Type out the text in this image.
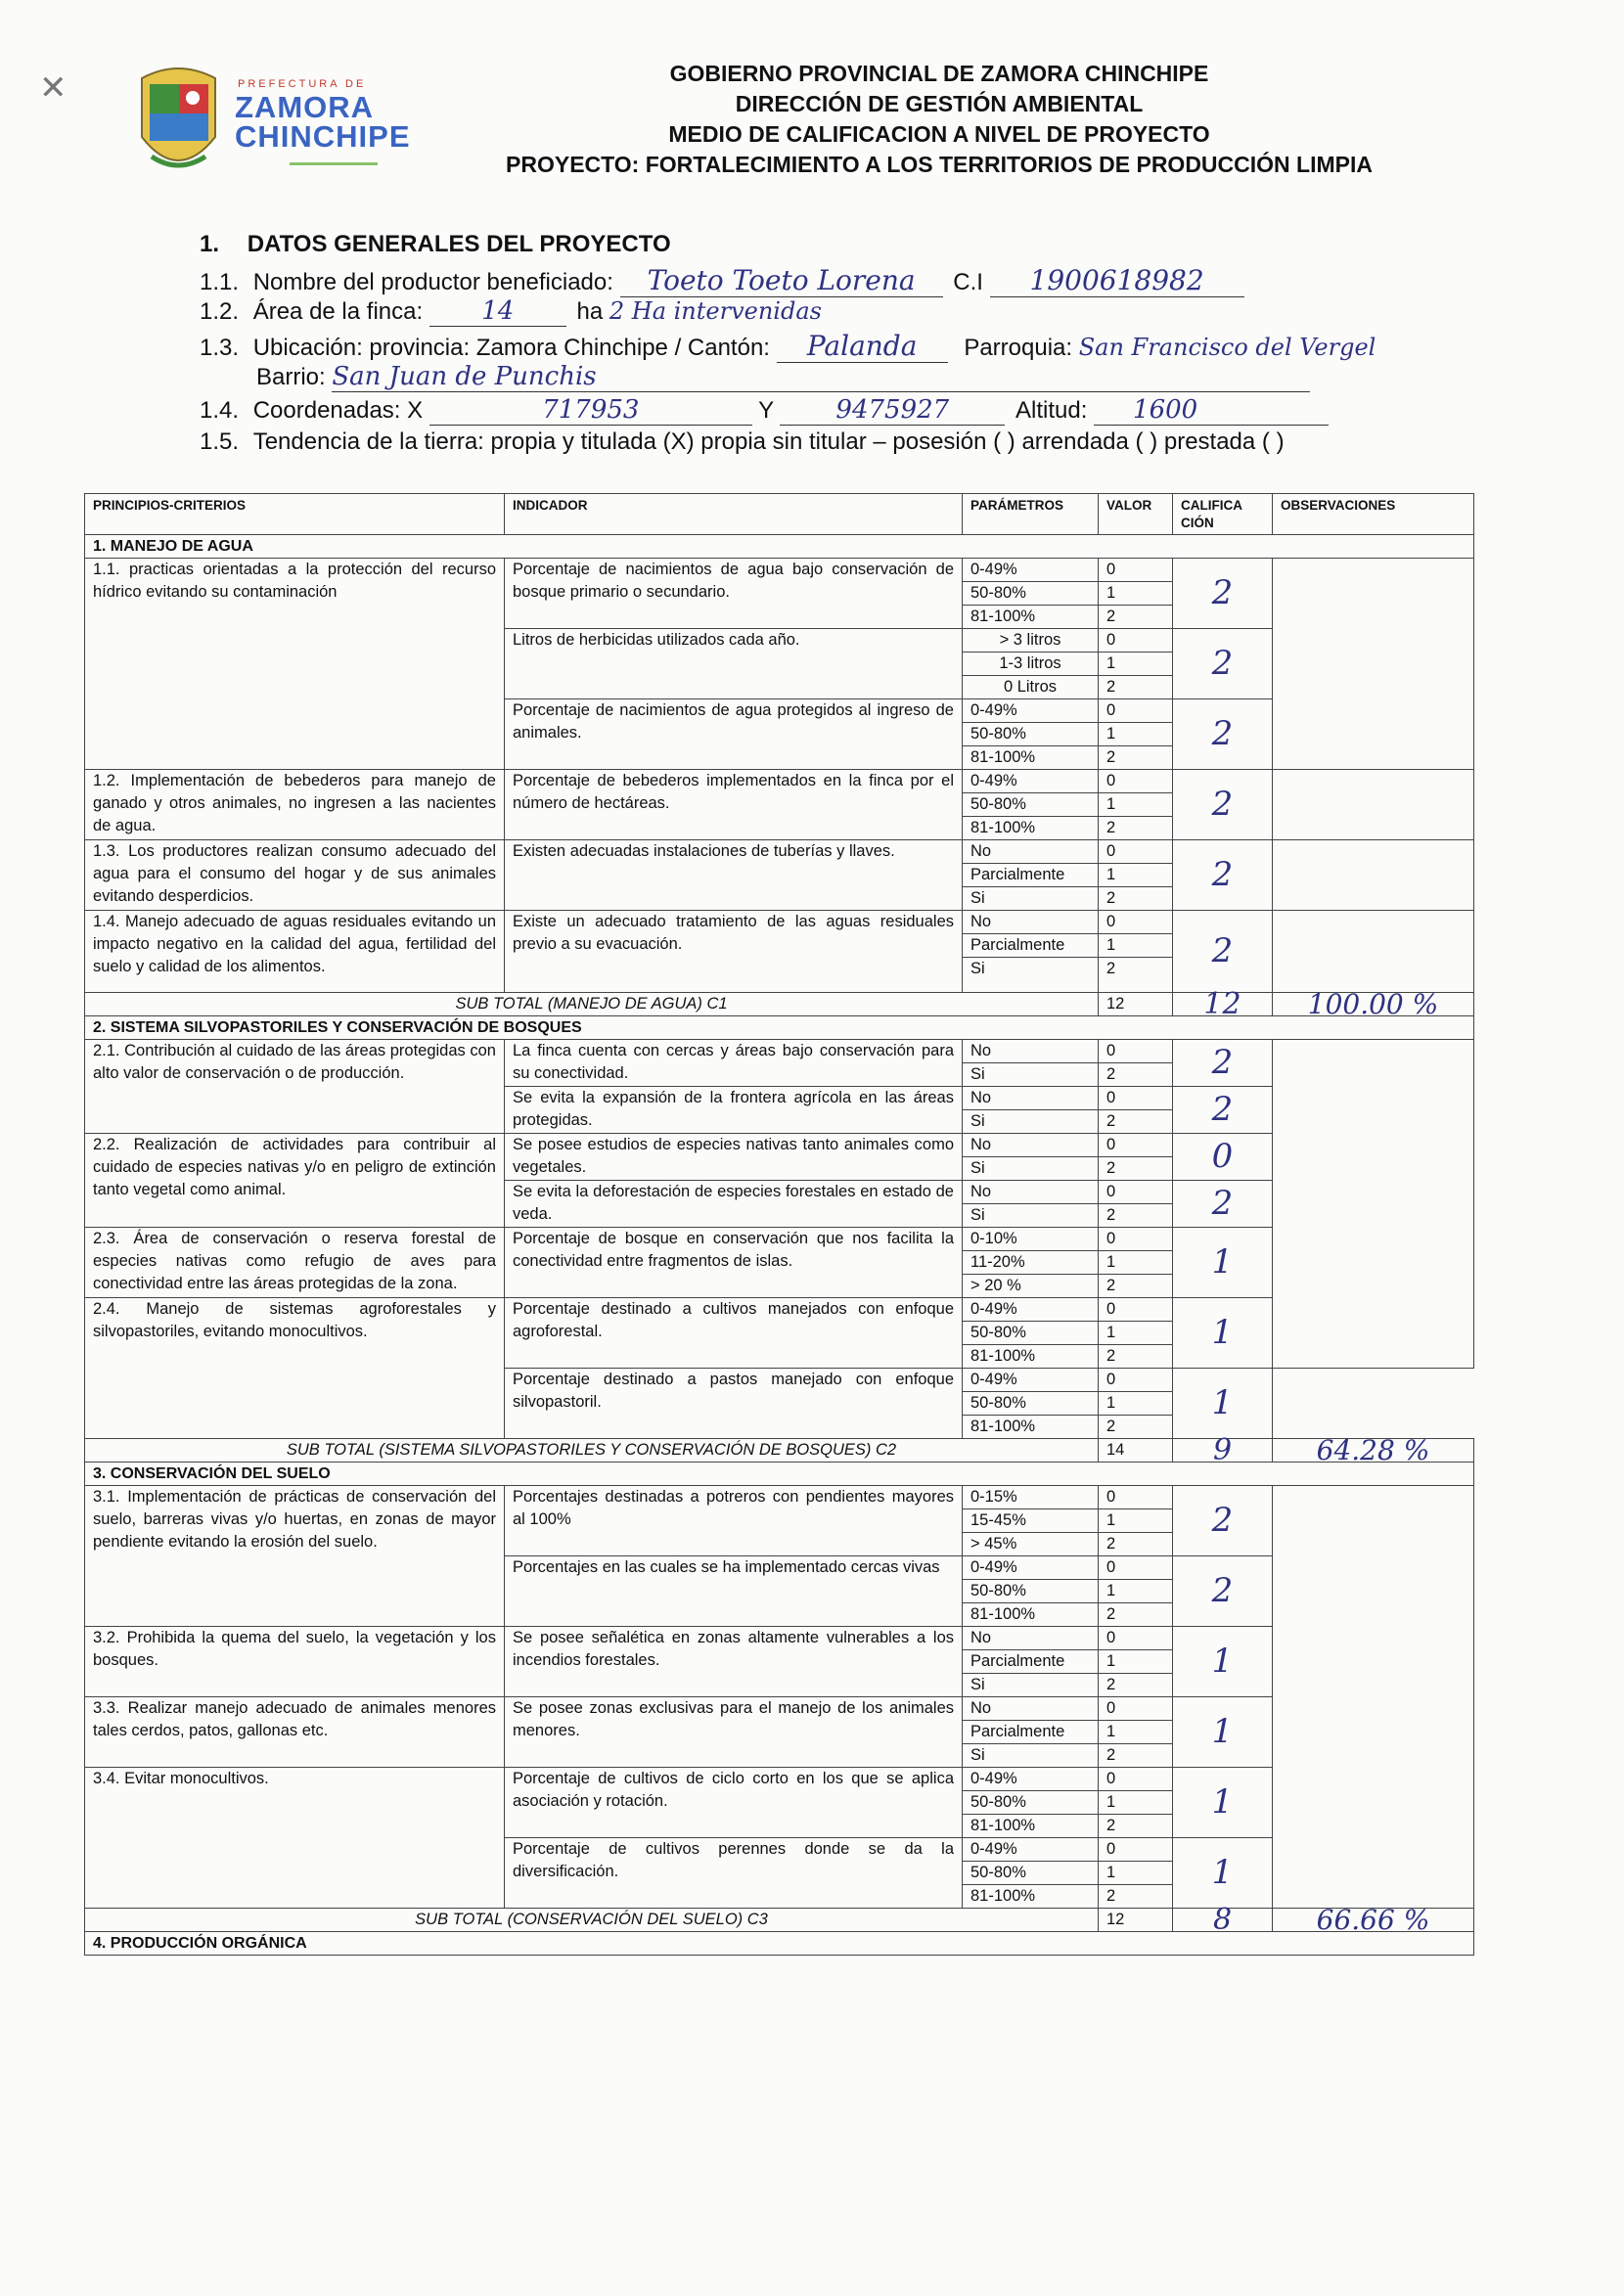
✕	PREFECTURA DE
ZAMORA
CHINCHIPE
GOBIERNO PROVINCIAL DE ZAMORA CHINCHIPE
DIRECCIÓN DE GESTIÓN AMBIENTAL
MEDIO DE CALIFICACION A NIVEL DE PROYECTO
PROYECTO: FORTALECIMIENTO A LOS TERRITORIOS DE PRODUCCIÓN LIMPIA
1. DATOS GENERALES DEL PROYECTO
1.1. Nombre del productor beneficiado: Toeto Toeto Lorena C.I 1900618982
1.2. Área de la finca: 14	ha 2 Ha intervenidas
1.3. Ubicación: provincia: Zamora Chinchipe / Cantón: Palanda Parroquia: San Francisco del Vergel
Barrio: San Juan de Punchis
1.4. Coordenadas: X	717953	Y 9475927	Altitud: 1600
1.5. Tendencia de la tierra: propia y titulada (X) propia sin titular – posesión ( ) arrendada ( ) prestada ( )
PRINCIPIOS-CRITERIOS	INDICADOR	PARÁMETROS	VALOR	CALIFICA CIÓN	OBSERVACIONES
1. MANEJO DE AGUA					
1.1. practicas orientadas a la protección del recurso hídrico evitando su contaminación	Porcentaje de nacimientos de agua bajo conservación de bosque primario o secundario.	0-49%	0	2	
		50-80%	1		
		81-100%	2		
	Litros de herbicidas utilizados cada año.	> 3 litros	0	2	
		1-3 litros	1		
		0 Litros	2		
	Porcentaje de nacimientos de agua protegidos al ingreso de animales.	0-49%	0	2	
		50-80%	1		
		81-100%	2		
1.2. Implementación de bebederos para manejo de ganado y otros animales, no ingresen a las nacientes de agua.	Porcentaje de bebederos implementados en la finca por el número de hectáreas.	0-49%	0	2	
		50-80%	1		
		81-100%	2		
1.3. Los productores realizan consumo adecuado del agua para el consumo del hogar y de sus animales evitando desperdicios.	Existen adecuadas instalaciones de tuberías y llaves.	No	0	2	
		Parcialmente	1		
		Si	2		
1.4. Manejo adecuado de aguas residuales evitando un impacto negativo en la calidad del agua, fertilidad del suelo y calidad de los alimentos.	Existe un adecuado tratamiento de las aguas residuales previo a su evacuación.	No	0	2	
		Parcialmente	1		
		Si	2		
SUB TOTAL (MANEJO DE AGUA) C1			12	12	100.00 %
2. SISTEMA SILVOPASTORILES Y CONSERVACIÓN DE BOSQUES					
2.1. Contribución al cuidado de las áreas protegidas con alto valor de conservación o de producción.	La finca cuenta con cercas y áreas bajo conservación para su conectividad.	No	0	2	
		Si	2		
	Se evita la expansión de la frontera agrícola en las áreas protegidas.	No	0	2	
		Si	2		
2.2. Realización de actividades para contribuir al cuidado de especies nativas y/o en peligro de extinción tanto vegetal como animal.	Se posee estudios de especies nativas tanto animales como vegetales.	No	0	0	
		Si	2		
	Se evita la deforestación de especies forestales en estado de veda.	No	0	2	
		Si	2		
2.3. Área de conservación o reserva forestal de especies nativas como refugio de aves para conectividad entre las áreas protegidas de la zona.	Porcentaje de bosque en conservación que nos facilita la conectividad entre fragmentos de islas.	0-10%	0	1	
		11-20%	1		
		> 20 %	2		
2.4. Manejo de sistemas agroforestales y silvopastoriles, evitando monocultivos.	Porcentaje destinado a cultivos manejados con enfoque agroforestal.	0-49%	0	1	
		50-80%	1		
		81-100%	2		
	Porcentaje destinado a pastos manejado con enfoque silvopastoril.	0-49%	0	1	
		50-80%	1		
		81-100%	2		
SUB TOTAL (SISTEMA SILVOPASTORILES Y CONSERVACIÓN DE BOSQUES) C2			14	9	64.28 %
3. CONSERVACIÓN DEL SUELO					
3.1. Implementación de prácticas de conservación del suelo, barreras vivas y/o huertas, en zonas de mayor pendiente evitando la erosión del suelo.	Porcentajes destinadas a potreros con pendientes mayores al 100%	0-15%	0	2	
		15-45%	1		
		> 45%	2		
	Porcentajes en las cuales se ha implementado cercas vivas	0-49%	0	2	
		50-80%	1		
		81-100%	2		
3.2. Prohibida la quema del suelo, la vegetación y los bosques.	Se posee señalética en zonas altamente vulnerables a los incendios forestales.	No	0	1	
		Parcialmente	1		
		Si	2		
3.3. Realizar manejo adecuado de animales menores tales cerdos, patos, gallonas etc.	Se posee zonas exclusivas para el manejo de los animales menores.	No	0	1	
		Parcialmente	1		
		Si	2		
3.4. Evitar monocultivos.	Porcentaje de cultivos de ciclo corto en los que se aplica asociación y rotación.	0-49%	0	1	
		50-80%	1		
		81-100%	2		
	Porcentaje de cultivos perennes donde se da la diversificación.	0-49%	0	1	
		50-80%	1		
		81-100%	2		
SUB TOTAL (CONSERVACIÓN DEL SUELO) C3			12	8	66.66 %
4. PRODUCCIÓN ORGÁNICA					
